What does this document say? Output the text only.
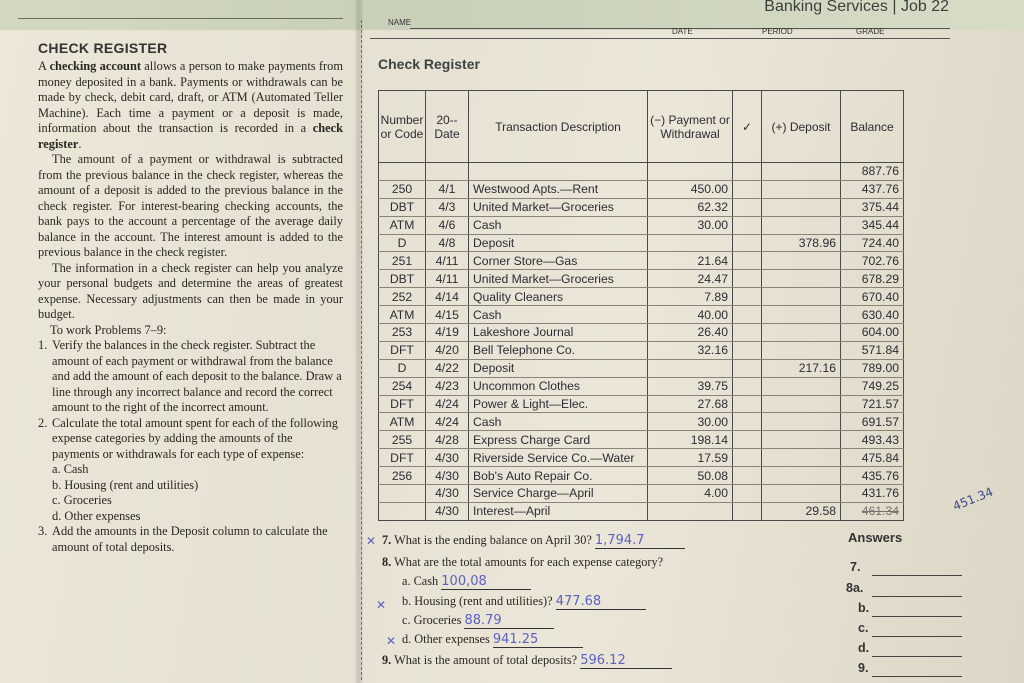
Banking Services | Job 22
CHECK REGISTER

A checking account allows a person to make payments from money deposited in a bank. Payments or withdrawals can be made by check, debit card, draft, or ATM (Automated Teller Machine). Each time a payment or a deposit is made, information about the transaction is recorded in a check register.

The amount of a payment or withdrawal is subtracted from the previous balance in the check register, whereas the amount of a deposit is added to the previous balance in the check register. For interest-bearing checking accounts, the bank pays to the account a percentage of the average daily balance in the account. The interest amount is added to the previous balance in the check register.

The information in a check register can help you analyze your personal budgets and determine the areas of greatest expense. Necessary adjustments can then be made in your budget.

To work Problems 7–9:
1. Verify the balances in the check register. Subtract the amount of each payment or withdrawal from the balance and add the amount of each deposit to the balance. Draw a line through any incorrect balance and record the correct amount to the right of the incorrect amount.
2. Calculate the total amount spent for each of the following expense categories by adding the amounts of the payments or withdrawals for each type of expense:
a. Cash
b. Housing (rent and utilities)
c. Groceries
d. Other expenses
3. Add the amounts in the Deposit column to calculate the amount of total deposits.
NAME
DATE	PERIOD	GRADE
Check Register
Number or Code	20-- Date	Transaction Description	(−) Payment or Withdrawal	✓	(+) Deposit	Balance
						887.76
250	4/1	Westwood Apts.—Rent	450.00			437.76
DBT	4/3	United Market—Groceries	62.32			375.44
ATM	4/6	Cash	30.00			345.44
D	4/8	Deposit			378.96	724.40
251	4/11	Corner Store—Gas	21.64			702.76
DBT	4/11	United Market—Groceries	24.47			678.29
252	4/14	Quality Cleaners	7.89			670.40
ATM	4/15	Cash	40.00			630.40
253	4/19	Lakeshore Journal	26.40			604.00
DFT	4/20	Bell Telephone Co.	32.16			571.84
D	4/22	Deposit			217.16	789.00
254	4/23	Uncommon Clothes	39.75			749.25
DFT	4/24	Power & Light—Elec.	27.68			721.57
ATM	4/24	Cash	30.00			691.57
255	4/28	Express Charge Card	198.14			493.43
DFT	4/30	Riverside Service Co.—Water	17.59			475.84
256	4/30	Bob's Auto Repair Co.	50.08			435.76
	4/30	Service Charge—April	4.00			431.76
	4/30	Interest—April			29.58	461.34	451.34
✕ 7. What is the ending balance on April 30? 1,794.7
8. What are the total amounts for each expense category?
a. Cash 100,08
✕ b. Housing (rent and utilities)? 477.68
c. Groceries 88.79
✕ d. Other expenses 941.25
9. What is the amount of total deposits? 596.12
Answers
7.
8a.
b.
c.
d.
9.
